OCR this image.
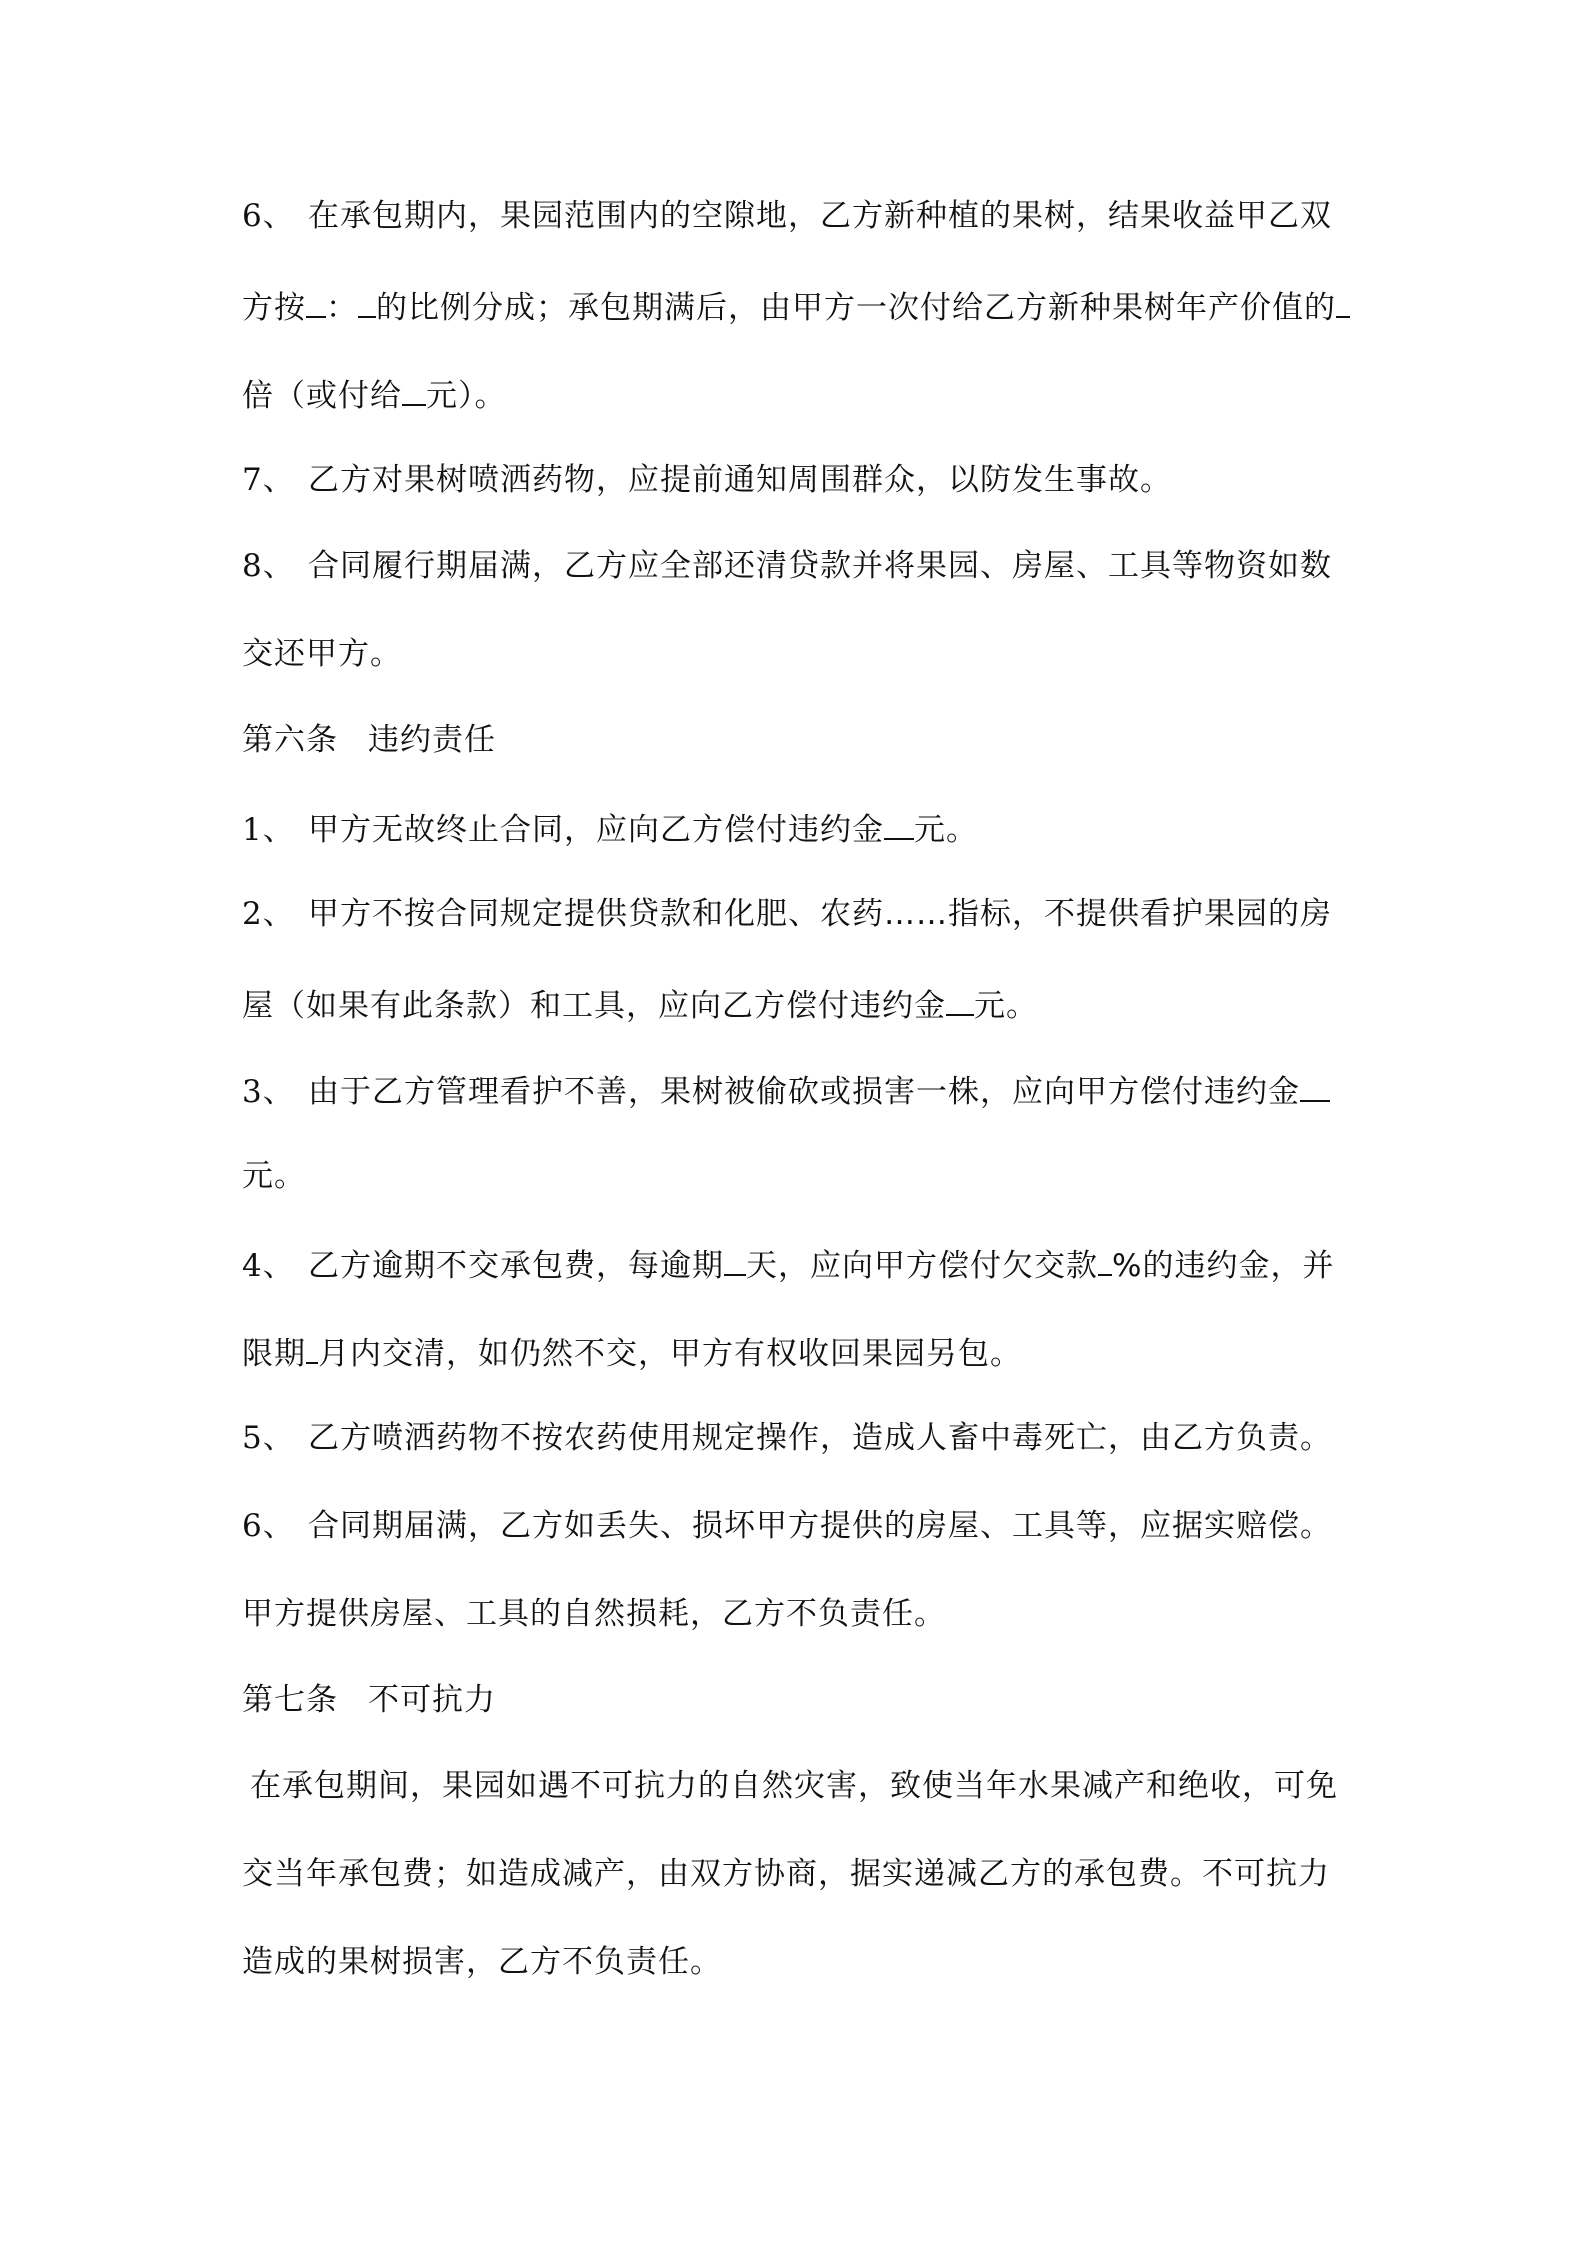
6、 在承包期内，果园范围内的空隙地，乙方新种植的果树，结果收益甲乙双
方按 ： 的比例分成；承包期满后，由甲方一次付给乙方新种果树年产价值的
倍（或付给 元）。
7、 乙方对果树喷洒药物，应提前通知周围群众，以防发生事故。
8、 合同履行期届满，乙方应全部还清贷款并将果园、房屋、工具等物资如数
交还甲方。
第六条 违约责任
1、 甲方无故终止合同，应向乙方偿付违约金 元。
2、 甲方不按合同规定提供贷款和化肥、农药……指标，不提供看护果园的房
屋（如果有此条款）和工具，应向乙方偿付违约金 元。
3、 由于乙方管理看护不善，果树被偷砍或损害一株，应向甲方偿付违约金
元。
4、 乙方逾期不交承包费，每逾期 天，应向甲方偿付欠交款 %的违约金，并
限期 月内交清，如仍然不交，甲方有权收回果园另包。
5、 乙方喷洒药物不按农药使用规定操作，造成人畜中毒死亡，由乙方负责。
6、 合同期届满，乙方如丢失、损坏甲方提供的房屋、工具等，应据实赔偿。
甲方提供房屋、工具的自然损耗，乙方不负责任。
第七条 不可抗力
在承包期间，果园如遇不可抗力的自然灾害，致使当年水果减产和绝收，可免
交当年承包费；如造成减产，由双方协商，据实递减乙方的承包费。不可抗力
造成的果树损害，乙方不负责任。
